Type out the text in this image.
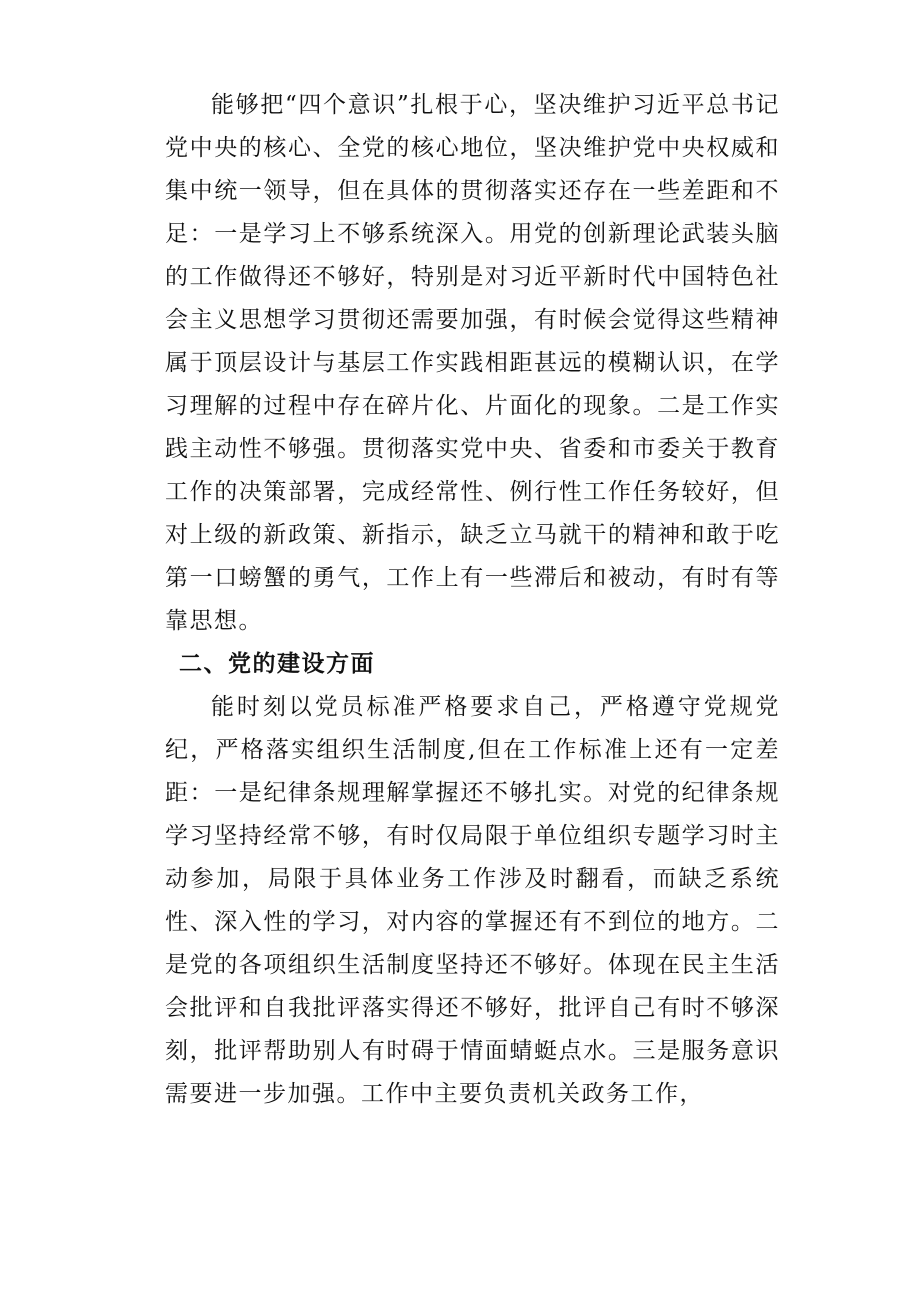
能够把“四个意识”扎根于心，坚决维护习近平总书记党中央的核心、全党的核心地位，坚决维护党中央权威和集中统一领导，但在具体的贯彻落实还存在一些差距和不足：一是学习上不够系统深入。用党的创新理论武装头脑的工作做得还不够好，特别是对习近平新时代中国特色社会主义思想学习贯彻还需要加强，有时候会觉得这些精神属于顶层设计与基层工作实践相距甚远的模糊认识，在学习理解的过程中存在碎片化、片面化的现象。二是工作实践主动性不够强。贯彻落实党中央、省委和市委关于教育工作的决策部署，完成经常性、例行性工作任务较好，但对上级的新政策、新指示，缺乏立马就干的精神和敢于吃第一口螃蟹的勇气，工作上有一些滞后和被动，有时有等靠思想。

二、党的建设方面

能时刻以党员标准严格要求自己，严格遵守党规党纪，严格落实组织生活制度,但在工作标准上还有一定差距：一是纪律条规理解掌握还不够扎实。对党的纪律条规学习坚持经常不够，有时仅局限于单位组织专题学习时主动参加，局限于具体业务工作涉及时翻看，而缺乏系统性、深入性的学习，对内容的掌握还有不到位的地方。二是党的各项组织生活制度坚持还不够好。体现在民主生活会批评和自我批评落实得还不够好，批评自己有时不够深刻，批评帮助别人有时碍于情面蜻蜓点水。三是服务意识需要进一步加强。工作中主要负责机关政务工作，
